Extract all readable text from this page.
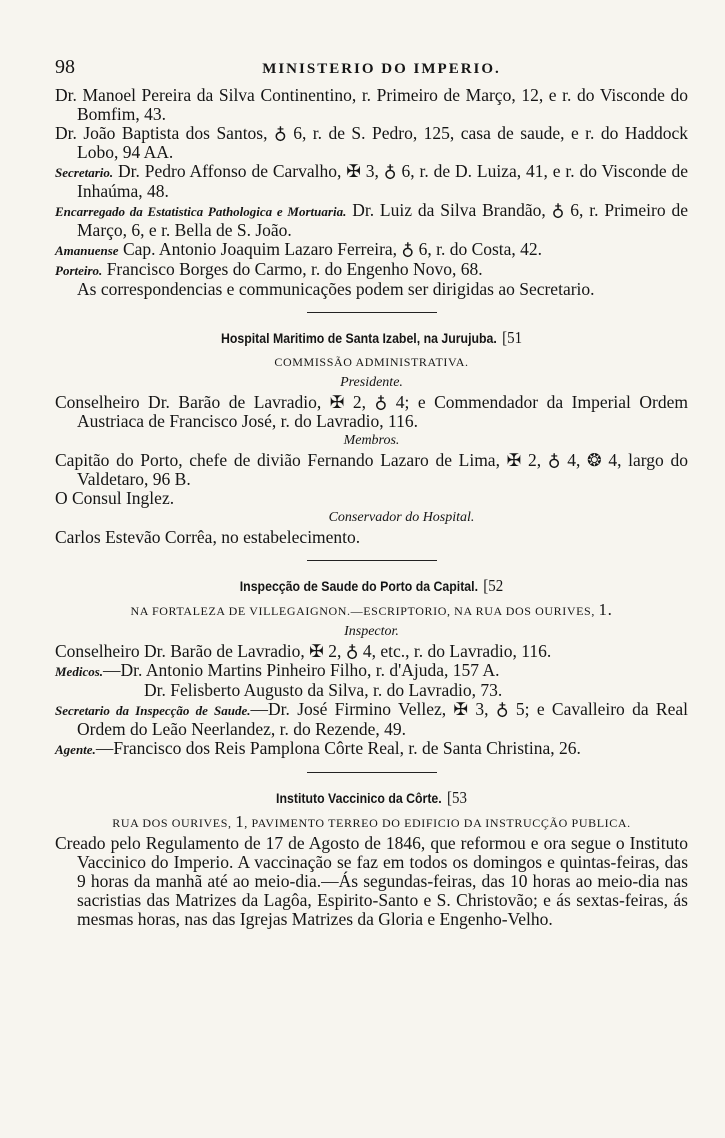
98	MINISTERIO DO IMPERIO.

Dr. Manoel Pereira da Silva Continentino, r. Primeiro de Março, 12, e r. do Visconde do Bomfim, 43.

Dr. João Baptista dos Santos, ♁ 6, r. de S. Pedro, 125, casa de saude, e r. do Haddock Lobo, 94 AA.

Secretario. Dr. Pedro Affonso de Carvalho, ✠ 3, ♁ 6, r. de D. Luiza, 41, e r. do Visconde de Inhaúma, 48.

Encarregado da Estatistica Pathologica e Mortuaria. Dr. Luiz da Silva Brandão, ♁ 6, r. Primeiro de Março, 6, e r. Bella de S. João.

Amanuense Cap. Antonio Joaquim Lazaro Ferreira, ♁ 6, r. do Costa, 42.

Porteiro. Francisco Borges do Carmo, r. do Engenho Novo, 68.

As correspondencias e communicações podem ser dirigidas ao Secretario.

Hospital Maritimo de Santa Izabel, na Jurujuba. [51
COMMISSÃO ADMINISTRATIVA.

Presidente.

Conselheiro Dr. Barão de Lavradio, ✠ 2, ♁ 4; e Commendador da Imperial Ordem Austriaca de Francisco José, r. do Lavradio, 116.

Membros.

Capitão do Porto, chefe de divião Fernando Lazaro de Lima, ✠ 2, ♁ 4, ❂ 4, largo do Valdetaro, 96 B.

O Consul Inglez.

Conservador do Hospital.

Carlos Estevão Corrêa, no estabelecimento.

Inspecção de Saude do Porto da Capital. [52
NA FORTALEZA DE VILLEGAIGNON.—ESCRIPTORIO, NA RUA DOS OURIVES, 1.

Inspector.

Conselheiro Dr. Barão de Lavradio, ✠ 2, ♁ 4, etc., r. do Lavradio, 116.

Medicos.—Dr. Antonio Martins Pinheiro Filho, r. d'Ajuda, 157 A.

Dr. Felisberto Augusto da Silva, r. do Lavradio, 73.

Secretario da Inspecção de Saude.—Dr. José Firmino Vellez, ✠ 3, ♁ 5; e Cavalleiro da Real Ordem do Leão Neerlandez, r. do Rezende, 49.

Agente.—Francisco dos Reis Pamplona Côrte Real, r. de Santa Christina, 26.

Instituto Vaccinico da Côrte. [53
RUA DOS OURIVES, 1, PAVIMENTO TERREO DO EDIFICIO DA INSTRUCÇÃO PUBLICA.

Creado pelo Regulamento de 17 de Agosto de 1846, que reformou e ora segue o Instituto Vaccinico do Imperio. A vaccinação se faz em todos os domingos e quintas-feiras, das 9 horas da manhã até ao meio-dia.—Ás segundas-feiras, das 10 horas ao meio-dia nas sacristias das Matrizes da Lagôa, Espirito-Santo e S. Christovão; e ás sextas-feiras, ás mesmas horas, nas das Igrejas Matrizes da Gloria e Engenho-Velho.
